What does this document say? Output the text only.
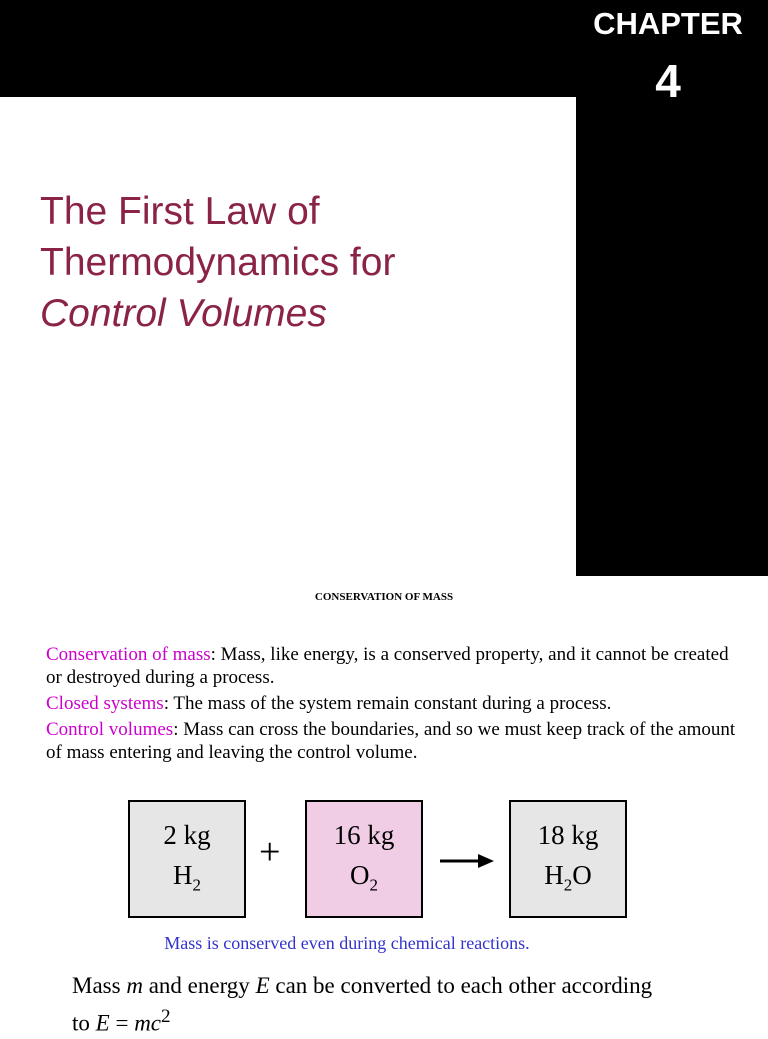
CHAPTER
4
The First Law of
Thermodynamics for
Control Volumes
CONSERVATION OF MASS

Conservation of mass: Mass, like energy, is a conserved property, and it cannot be created or destroyed during a process.

Closed systems: The mass of the system remain constant during a process.

Control volumes: Mass can cross the boundaries, and so we must keep track of the amount of mass entering and leaving the control volume.

2 kg
$H_2$
+	16 kg
$O_2$
18 kg
$H_2O$
Mass is conserved even during chemical reactions.
Mass m and energy E can be converted to each other according to $E = mc^2$
